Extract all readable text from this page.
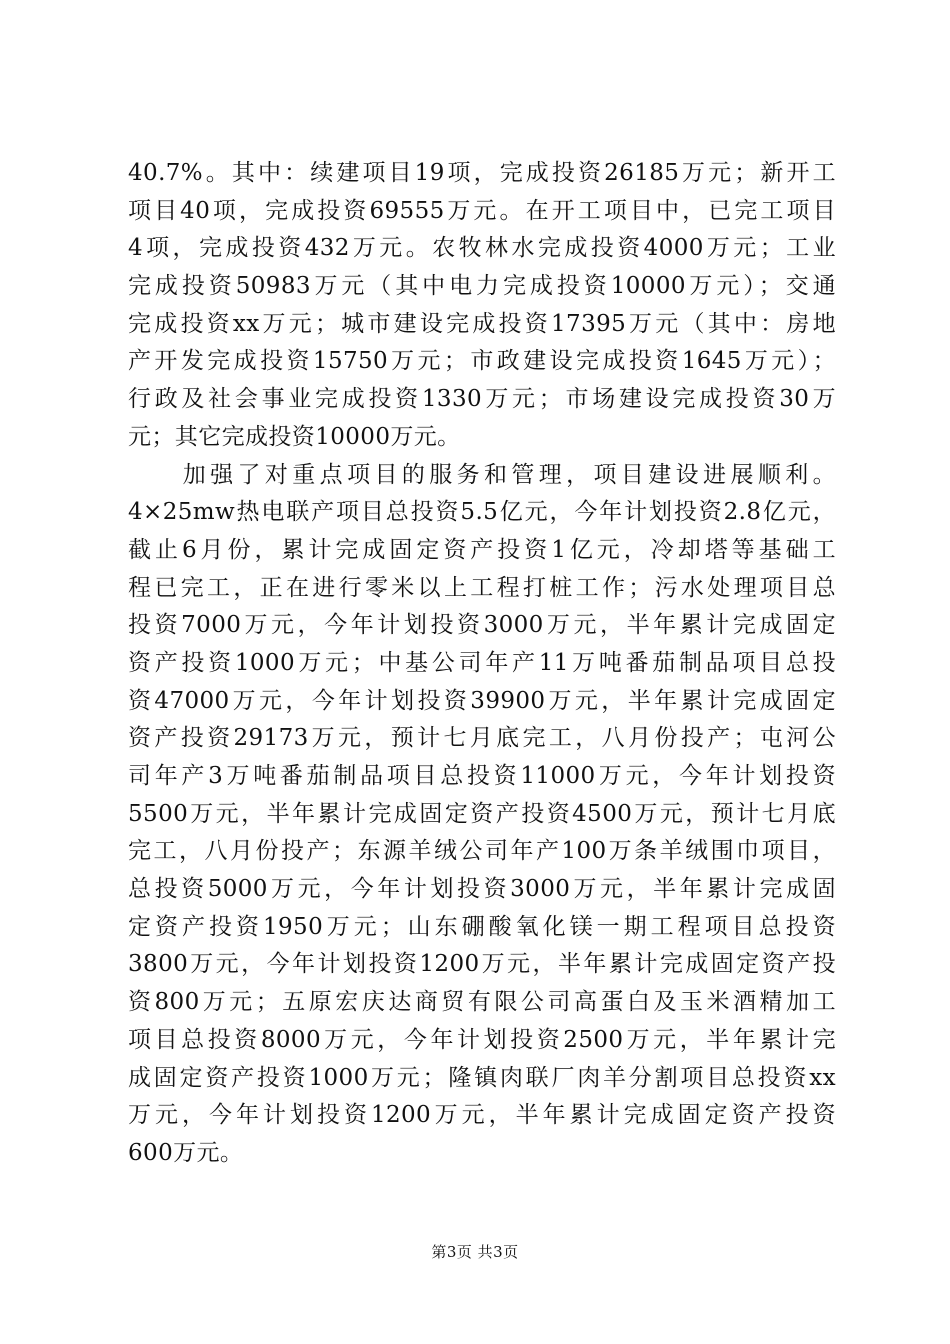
40.7%。其中：续建项目19项，完成投资26185万元；新开工
项目40项，完成投资69555万元。在开工项目中，已完工项目
4项，完成投资432万元。农牧林水完成投资4000万元；工业
完成投资50983万元（其中电力完成投资10000万元）；交通
完成投资xx万元；城市建设完成投资17395万元（其中：房地
产开发完成投资15750万元；市政建设完成投资1645万元）；
行政及社会事业完成投资1330万元；市场建设完成投资30万
元；其它完成投资10000万元。
　　加强了对重点项目的服务和管理，项目建设进展顺利。
4×25mw热电联产项目总投资5.5亿元，今年计划投资2.8亿元，
截止6月份，累计完成固定资产投资1亿元，冷却塔等基础工
程已完工，正在进行零米以上工程打桩工作；污水处理项目总
投资7000万元，今年计划投资3000万元，半年累计完成固定
资产投资1000万元；中基公司年产11万吨番茄制品项目总投
资47000万元，今年计划投资39900万元，半年累计完成固定
资产投资29173万元，预计七月底完工，八月份投产；屯河公
司年产3万吨番茄制品项目总投资11000万元，今年计划投资
5500万元，半年累计完成固定资产投资4500万元，预计七月底
完工，八月份投产；东源羊绒公司年产100万条羊绒围巾项目，
总投资5000万元，今年计划投资3000万元，半年累计完成固
定资产投资1950万元；山东硼酸氧化镁一期工程项目总投资
3800万元，今年计划投资1200万元，半年累计完成固定资产投
资800万元；五原宏庆达商贸有限公司高蛋白及玉米酒精加工
项目总投资8000万元，今年计划投资2500万元，半年累计完
成固定资产投资1000万元；隆镇肉联厂肉羊分割项目总投资xx
万元，今年计划投资1200万元，半年累计完成固定资产投资
600万元。
第3页 共3页
